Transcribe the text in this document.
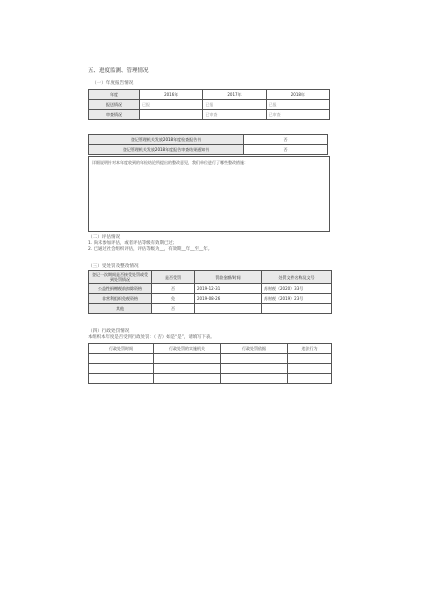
五、进度监测、管理情况
（一）年度报告情况
年度	2016年	2017年	2018年
报送情况	已报	已报	已报
审查情况		已审查	已审查
登记管理机关发放2018年度检查报告书	否
登记管理机关发放2018年度报告审查结果通知书	否
详细说明针对本年度收到的年检结论所提出的整改意见，我们单位进行了哪些整改措施：
（二）评估情况
1. 尚未参加评估，或者评估等级有效期已过；
2. 已通过社会组织评估，评估等级为__，有效期__年__至__年。
（三）受处罚及整改情况
登记一次期间是否接受处罚或受到处罚情况	是否受罚	罚款金额/时间	处罚文件名称及文号
公益性捐赠税前扣除资格	否	2019-12-31	苏财税（2020）33号
非营利组织免税资格	免	2019-08-26	苏财税（2019）23号
其他	否		
（四）行政处罚情况
本组织本年度是否受到行政处罚：（ 否）如是“是”，请填写下表。
行政处罚时间	行政处罚的实施机关	行政处罚依据	违法行为
